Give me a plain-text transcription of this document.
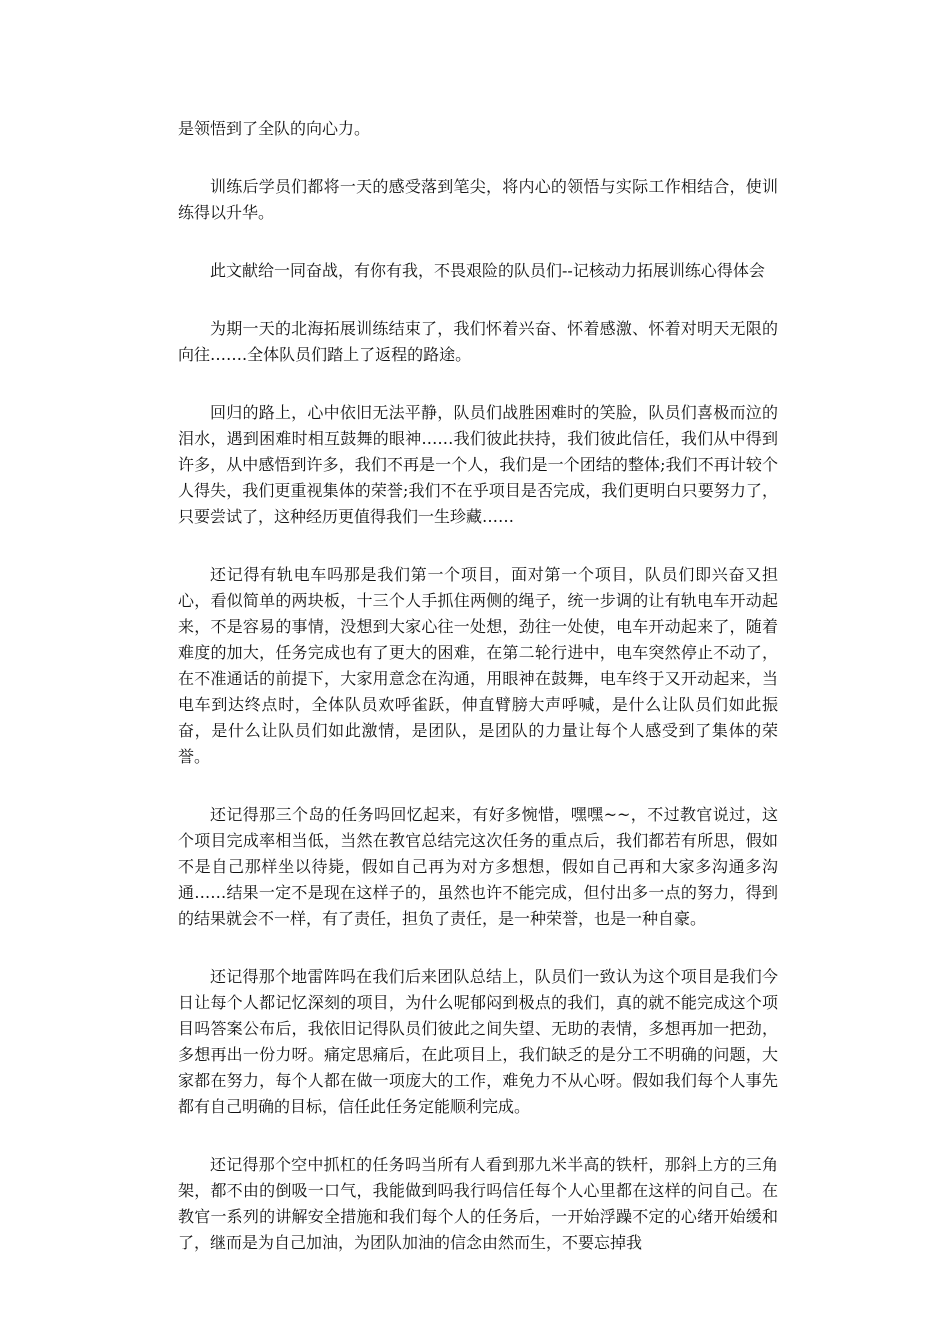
是领悟到了全队的向心力。

训练后学员们都将一天的感受落到笔尖，将内心的领悟与实际工作相结合，使训练得以升华。

此文献给一同奋战，有你有我，不畏艰险的队员们--记核动力拓展训练心得体会

为期一天的北海拓展训练结束了，我们怀着兴奋、怀着感激、怀着对明天无限的向往…….全体队员们踏上了返程的路途。

回归的路上，心中依旧无法平静，队员们战胜困难时的笑脸，队员们喜极而泣的泪水，遇到困难时相互鼓舞的眼神……我们彼此扶持，我们彼此信任，我们从中得到许多，从中感悟到许多，我们不再是一个人，我们是一个团结的整体;我们不再计较个人得失，我们更重视集体的荣誉;我们不在乎项目是否完成，我们更明白只要努力了，只要尝试了，这种经历更值得我们一生珍藏……

还记得有轨电车吗那是我们第一个项目，面对第一个项目，队员们即兴奋又担心，看似简单的两块板，十三个人手抓住两侧的绳子，统一步调的让有轨电车开动起来，不是容易的事情，没想到大家心往一处想，劲往一处使，电车开动起来了，随着难度的加大，任务完成也有了更大的困难，在第二轮行进中，电车突然停止不动了，在不准通话的前提下，大家用意念在沟通，用眼神在鼓舞，电车终于又开动起来，当电车到达终点时，全体队员欢呼雀跃，伸直臂膀大声呼喊，是什么让队员们如此振奋，是什么让队员们如此激情，是团队，是团队的力量让每个人感受到了集体的荣誉。

还记得那三个岛的任务吗回忆起来，有好多惋惜，嘿嘿~~，不过教官说过，这个项目完成率相当低，当然在教官总结完这次任务的重点后，我们都若有所思，假如不是自己那样坐以待毙，假如自己再为对方多想想，假如自己再和大家多沟通多沟通……结果一定不是现在这样子的，虽然也许不能完成，但付出多一点的努力，得到的结果就会不一样，有了责任，担负了责任，是一种荣誉，也是一种自豪。

还记得那个地雷阵吗在我们后来团队总结上，队员们一致认为这个项目是我们今日让每个人都记忆深刻的项目，为什么呢郁闷到极点的我们，真的就不能完成这个项目吗答案公布后，我依旧记得队员们彼此之间失望、无助的表情，多想再加一把劲，多想再出一份力呀。痛定思痛后，在此项目上，我们缺乏的是分工不明确的问题，大家都在努力，每个人都在做一项庞大的工作，难免力不从心呀。假如我们每个人事先都有自己明确的目标，信任此任务定能顺利完成。

还记得那个空中抓杠的任务吗当所有人看到那九米半高的铁杆，那斜上方的三角架，都不由的倒吸一口气，我能做到吗我行吗信任每个人心里都在这样的问自己。在教官一系列的讲解安全措施和我们每个人的任务后，一开始浮躁不定的心绪开始缓和了，继而是为自己加油，为团队加油的信念由然而生，不要忘掉我
